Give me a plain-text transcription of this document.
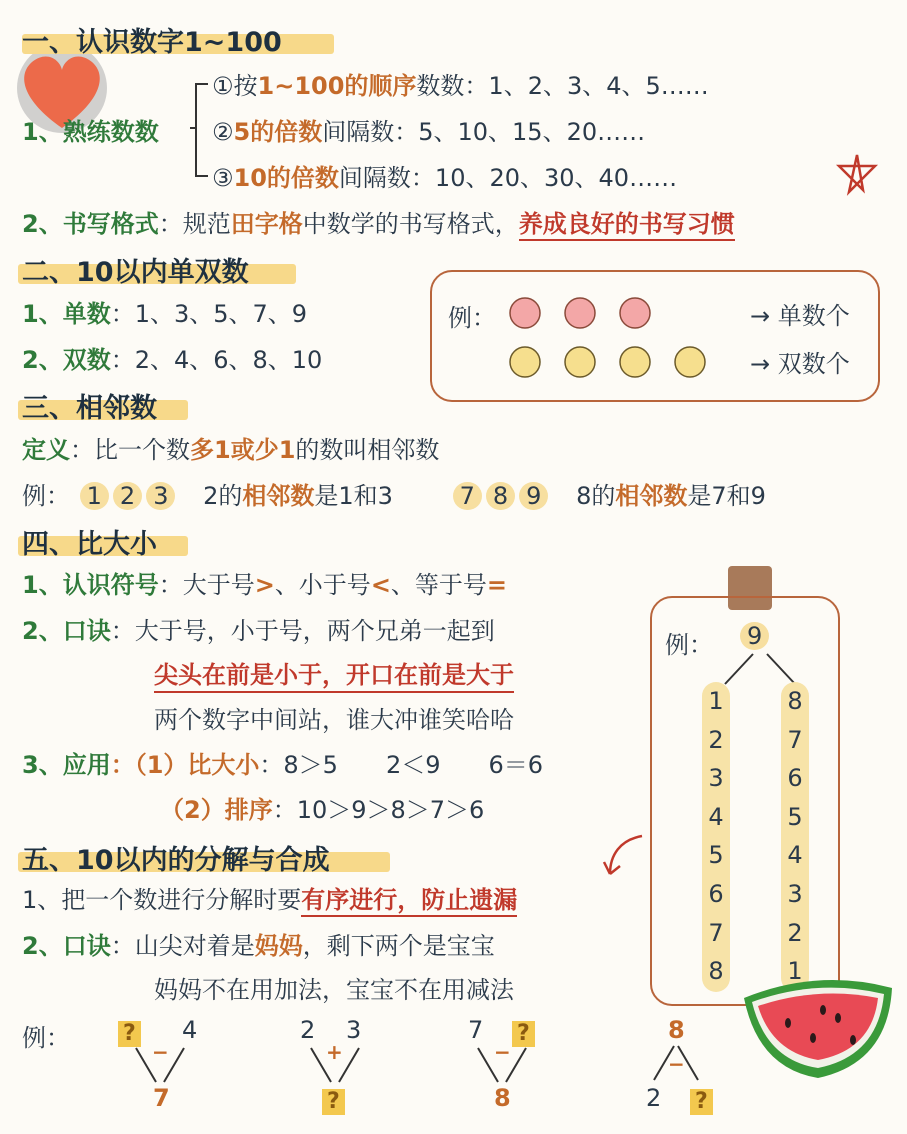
一、认识数字1~100
1、熟练数数
①按1~100的顺序数数：1、2、3、4、5……
②5的倍数间隔数：5、10、15、20……
③10的倍数间隔数：10、20、30、40……
2、书写格式：规范田字格中数学的书写格式，养成良好的书写习惯
二、10以内单双数
1、单数：1、3、5、7、9
2、双数：2、4、6、8、10
例：	→ 单数个
→ 双数个
三、相邻数
定义：比一个数多1或少1的数叫相邻数
例： 1 2 3 2的相邻数是1和3	7 8 9 8的相邻数是7和9
四、比大小
1、认识符号：大于号>、小于号<、等于号=
2、口诀：大于号，小于号，两个兄弟一起到
尖头在前是小于，开口在前是大于
两个数字中间站，谁大冲谁笑哈哈
3、应用：（1）比大小：8＞5　　2＜9　　6＝6
（2）排序：10＞9＞8＞7＞6
例： 9
1
2
3
4
5
6
7
8
8
7
6
5
4
3
2
1
五、10以内的分解与合成
1、把一个数进行分解时要有序进行，防止遗漏
2、口诀：山尖对着是妈妈，剩下两个是宝宝
妈妈不在用加法，宝宝不在用减法
例： ? 4
−
7
2 3
+
?
7 ?
−
8
8
−
2 ?
